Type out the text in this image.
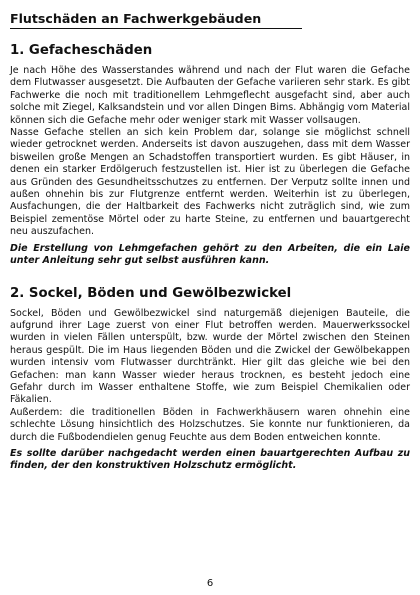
Flutschäden an Fachwerkgebäuden
1. Gefacheschäden

Je nach Höhe des Wasserstandes während und nach der Flut waren die Gefache dem Flutwasser ausgesetzt. Die Aufbauten der Gefache variieren sehr stark. Es gibt Fachwerke die noch mit traditionellem Lehmgeflecht ausgefacht sind, aber auch solche mit Ziegel, Kalksandstein und vor allen Dingen Bims. Abhängig vom Material können sich die Gefache mehr oder weniger stark mit Wasser vollsaugen.

Nasse Gefache stellen an sich kein Problem dar, solange sie möglichst schnell wieder getrocknet werden. Anderseits ist davon auszugehen, dass mit dem Wasser bisweilen große Mengen an Schadstoffen transportiert wurden. Es gibt Häuser, in denen ein starker Erdölgeruch festzustellen ist. Hier ist zu überlegen die Gefache aus Gründen des Gesundheitsschutzes zu entfernen. Der Verputz sollte innen und außen ohnehin bis zur Flutgrenze entfernt werden. Weiterhin ist zu überlegen, Ausfachungen, die der Haltbarkeit des Fachwerks nicht zuträglich sind, wie zum Beispiel zementöse Mörtel oder zu harte Steine, zu entfernen und bauartgerecht neu auszufachen.

Die Erstellung von Lehmgefachen gehört zu den Arbeiten, die ein Laie unter Anleitung sehr gut selbst ausführen kann.

2. Sockel, Böden und Gewölbezwickel

Sockel, Böden und Gewölbezwickel sind naturgemäß diejenigen Bauteile, die aufgrund ihrer Lage zuerst von einer Flut betroffen werden. Mauerwerkssockel wurden in vielen Fällen unterspült, bzw. wurde der Mörtel zwischen den Steinen heraus gespült. Die im Haus liegenden Böden und die Zwickel der Gewölbekappen wurden intensiv vom Flutwasser durchtränkt. Hier gilt das gleiche wie bei den Gefachen: man kann Wasser wieder heraus trocknen, es besteht jedoch eine Gefahr durch im Wasser enthaltene Stoffe, wie zum Beispiel Chemikalien oder Fäkalien.

Außerdem: die traditionellen Böden in Fachwerkhäusern waren ohnehin eine schlechte Lösung hinsichtlich des Holzschutzes. Sie konnte nur funktionieren, da durch die Fußbodendielen genug Feuchte aus dem Boden entweichen konnte.

Es sollte darüber nachgedacht werden einen bauartgerechten Aufbau zu finden, der den konstruktiven Holzschutz ermöglicht.

6
